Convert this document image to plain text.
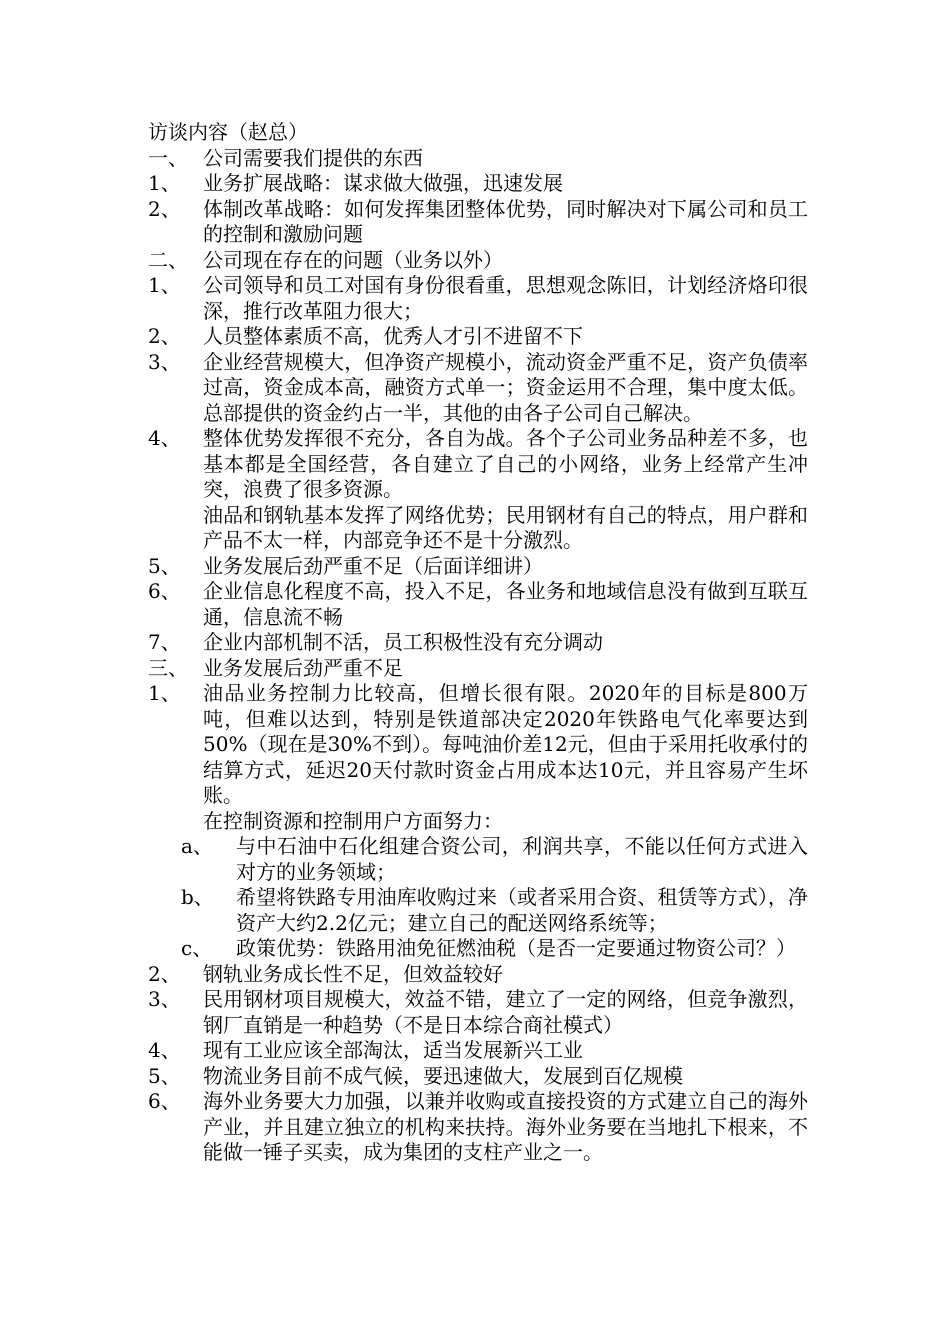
访谈内容（赵总）
一、 公司需要我们提供的东西
1、	业务扩展战略：谋求做大做强，迅速发展
2、	体制改革战略：如何发挥集团整体优势，同时解决对下属公司和员工的控制和激励问题
二、 公司现在存在的问题（业务以外）
1、	公司领导和员工对国有身份很看重，思想观念陈旧，计划经济烙印很深，推行改革阻力很大；
2、	人员整体素质不高，优秀人才引不进留不下
3、	企业经营规模大，但净资产规模小，流动资金严重不足，资产负债率过高，资金成本高，融资方式单一；资金运用不合理，集中度太低。总部提供的资金约占一半，其他的由各子公司自己解决。
4、	整体优势发挥很不充分，各自为战。各个子公司业务品种差不多，也基本都是全国经营，各自建立了自己的小网络，业务上经常产生冲突，浪费了很多资源。
油品和钢轨基本发挥了网络优势；民用钢材有自己的特点，用户群和产品不太一样，内部竞争还不是十分激烈。
5、	业务发展后劲严重不足（后面详细讲）
6、	企业信息化程度不高，投入不足，各业务和地域信息没有做到互联互通，信息流不畅
7、	企业内部机制不活，员工积极性没有充分调动
三、 业务发展后劲严重不足
1、	油品业务控制力比较高，但增长很有限。2020年的目标是800万吨，但难以达到，特别是铁道部决定2020年铁路电气化率要达到50%（现在是30%不到）。每吨油价差12元，但由于采用托收承付的结算方式，延迟20天付款时资金占用成本达10元，并且容易产生坏账。
在控制资源和控制用户方面努力：
a、	与中石油中石化组建合资公司，利润共享，不能以任何方式进入对方的业务领域；
b、	希望将铁路专用油库收购过来（或者采用合资、租赁等方式），净资产大约2.2亿元；建立自己的配送网络系统等；
c、	政策优势：铁路用油免征燃油税（是否一定要通过物资公司？）
2、	钢轨业务成长性不足，但效益较好
3、	民用钢材项目规模大，效益不错，建立了一定的网络，但竞争激烈，钢厂直销是一种趋势（不是日本综合商社模式）
4、	现有工业应该全部淘汰，适当发展新兴工业
5、	物流业务目前不成气候，要迅速做大，发展到百亿规模
6、	海外业务要大力加强，以兼并收购或直接投资的方式建立自己的海外产业，并且建立独立的机构来扶持。海外业务要在当地扎下根来，不能做一锤子买卖，成为集团的支柱产业之一。
